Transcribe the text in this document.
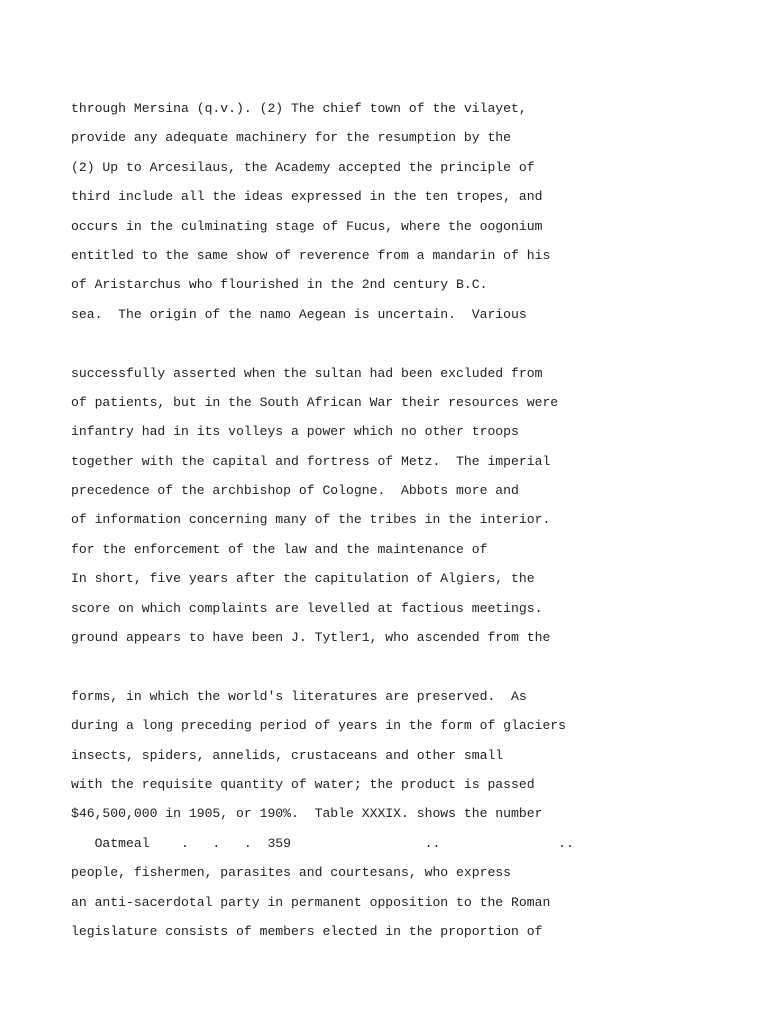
through Mersina (q.v.). (2) The chief town of the vilayet,
provide any adequate machinery for the resumption by the
(2) Up to Arcesilaus, the Academy accepted the principle of
third include all the ideas expressed in the ten tropes, and
occurs in the culminating stage of Fucus, where the oogonium
entitled to the same show of reverence from a mandarin of his
of Aristarchus who flourished in the 2nd century B.C.
sea.  The origin of the namo Aegean is uncertain.  Various
successfully asserted when the sultan had been excluded from
of patients, but in the South African War their resources were
infantry had in its volleys a power which no other troops
together with the capital and fortress of Metz.  The imperial
precedence of the archbishop of Cologne.  Abbots more and
of information concerning many of the tribes in the interior.
for the enforcement of the law and the maintenance of
In short, five years after the capitulation of Algiers, the
score on which complaints are levelled at factious meetings.
ground appears to have been J. Tytler1, who ascended from the
forms, in which the world's literatures are preserved.  As
during a long preceding period of years in the form of glaciers
insects, spiders, annelids, crustaceans and other small
with the requisite quantity of water; the product is passed
$46,500,000 in 1905, or 190%.  Table XXXIX. shows the number
Oatmeal    .   .   .  359                 ..               ..
people, fishermen, parasites and courtesans, who express
an anti-sacerdotal party in permanent opposition to the Roman
legislature consists of members elected in the proportion of
